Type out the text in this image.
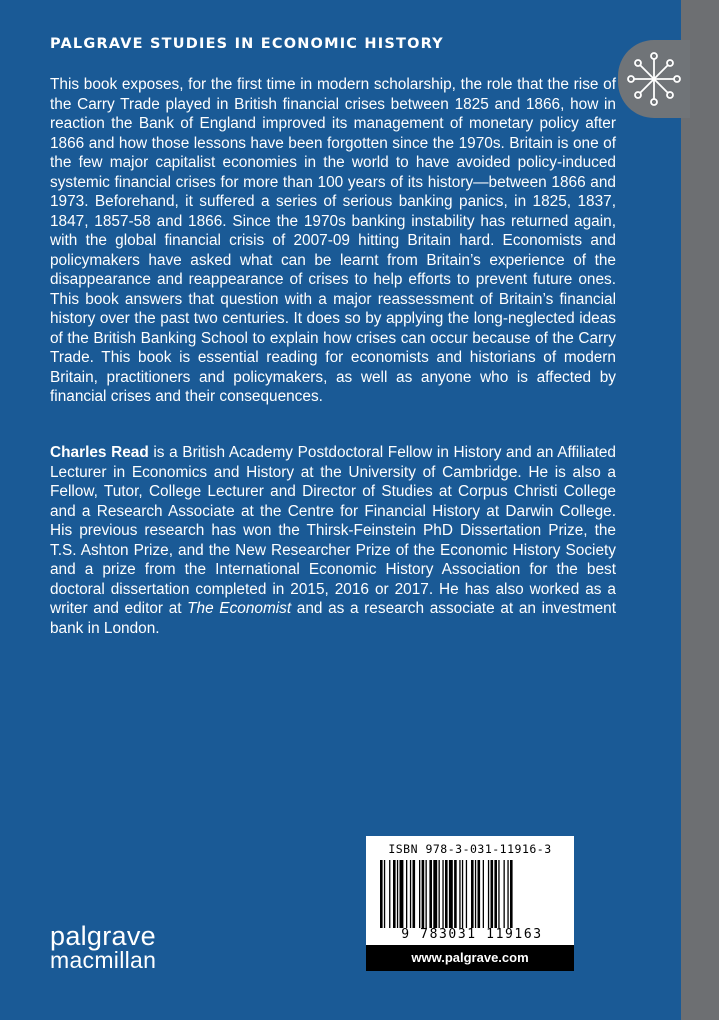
PALGRAVE STUDIES IN ECONOMIC HISTORY

This book exposes, for the first time in modern scholarship, the role that the rise of the Carry Trade played in British financial crises between 1825 and 1866, how in reaction the Bank of England improved its management of monetary policy after 1866 and how those lessons have been forgotten since the 1970s. Britain is one of the few major capitalist economies in the world to have avoided policy-induced systemic financial crises for more than 100 years of its history—between 1866 and 1973. Beforehand, it suffered a series of serious banking panics, in 1825, 1837, 1847, 1857-58 and 1866. Since the 1970s banking instability has returned again, with the global financial crisis of 2007-09 hitting Britain hard. Economists and policymakers have asked what can be learnt from Britain’s experience of the disappearance and reappearance of crises to help efforts to prevent future ones. This book answers that question with a major reassessment of Britain’s financial history over the past two centuries. It does so by applying the long-neglected ideas of the British Banking School to explain how crises can occur because of the Carry Trade. This book is essential reading for economists and historians of modern Britain, practitioners and policymakers, as well as anyone who is affected by financial crises and their consequences.

Charles Read is a British Academy Postdoctoral Fellow in History and an Affiliated Lecturer in Economics and History at the University of Cambridge. He is also a Fellow, Tutor, College Lecturer and Director of Studies at Corpus Christi College and a Research Associate at the Centre for Financial History at Darwin College. His previous research has won the Thirsk-Feinstein PhD Dissertation Prize, the T.S. Ashton Prize, and the New Researcher Prize of the Economic History Society and a prize from the International Economic History Association for the best doctoral dissertation completed in 2015, 2016 or 2017. He has also worked as a writer and editor at The Economist and as a research associate at an investment bank in London.

ISBN 978-3-031-11916-3
9 783031 119163
www.palgrave.com
palgrave
macmillan
